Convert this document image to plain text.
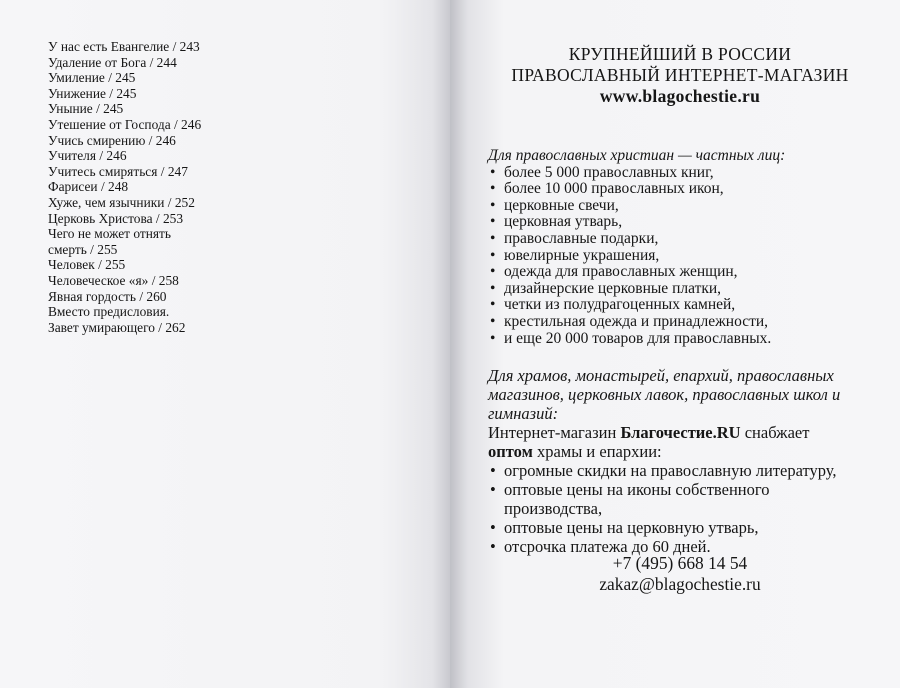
У нас есть Евангелие / 243
Удаление от Бога / 244
Умиление / 245
Унижение / 245
Уныние / 245
Утешение от Господа / 246
Учись смирению / 246
Учителя / 246
Учитесь смиряться / 247
Фарисеи / 248
Хуже, чем язычники / 252
Церковь Христова / 253
Чего не может отнять
смерть / 255
Человек / 255
Человеческое «я» / 258
Явная гордость / 260
Вместо предисловия.
Завет умирающего / 262
КРУПНЕЙШИЙ В РОССИИ
ПРАВОСЛАВНЫЙ ИНТЕРНЕТ-МАГАЗИН
www.blagochestie.ru
Для православных христиан — частных лиц:
• более 5 000 православных книг,
• более 10 000 православных икон,
• церковные свечи,
• церковная утварь,
• православные подарки,
• ювелирные украшения,
• одежда для православных женщин,
• дизайнерские церковные платки,
• четки из полудрагоценных камней,
• крестильная одежда и принадлежности,
• и еще 20 000 товаров для православных.
Для храмов, монастырей, епархий, православных магазинов, церковных лавок, православных школ и гимназий:
Интернет-магазин Благочестие.RU снабжает
оптом храмы и епархии:
• огромные скидки на православную литературу,
• оптовые цены на иконы собственного производства,
• оптовые цены на церковную утварь,
• отсрочка платежа до 60 дней.
+7 (495) 668 14 54
zakaz@blagochestie.ru
